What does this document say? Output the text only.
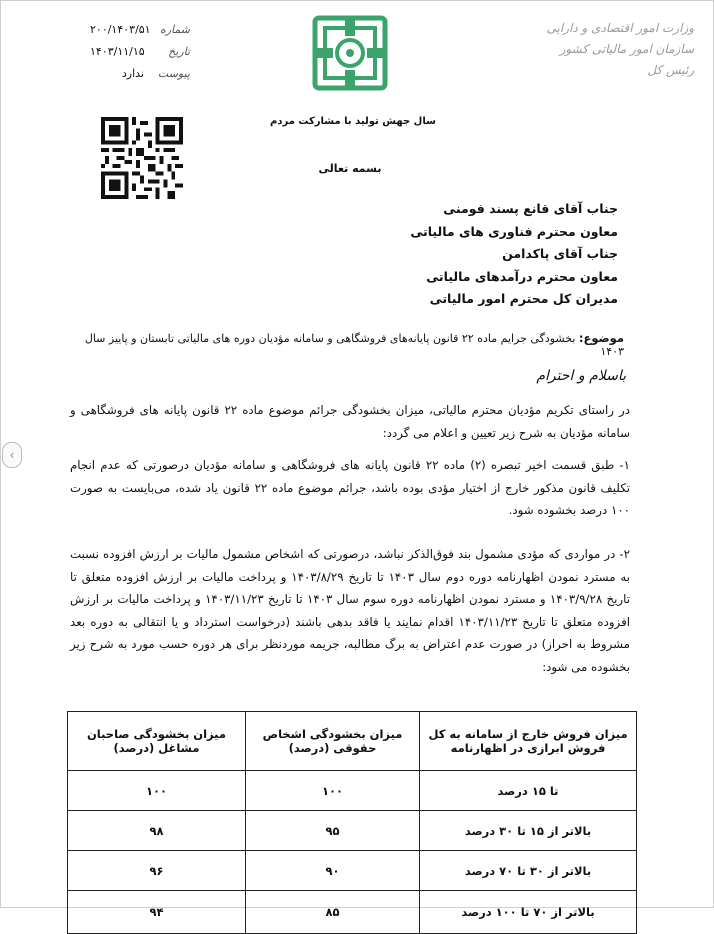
‹
وزارت امور اقتصادی و دارایی
سازمان امور مالیاتی کشور
رئیس کل
شماره
۲۰۰/۱۴۰۳/۵۱
تاریخ
۱۴۰۳/۱۱/۱۵
پیوست
ندارد
سال جهش تولید با مشارکت مردم
بسمه تعالی
جناب آقای قانع پسند فومنی
معاون محترم فناوری های مالیاتی
جناب آقای پاکدامن
معاون محترم درآمدهای مالیاتی
مدیران کل محترم امور مالیاتی
موضوع: بخشودگی جرایم ماده ۲۲ قانون پایانه‌های فروشگاهی و سامانه مؤدیان دوره های مالیاتی تابستان و پاییز سال ۱۴۰۳
باسلام و احترام
در راستای تکریم مؤدیان محترم مالیاتی، میزان بخشودگی جرائم موضوع ماده ۲۲ قانون پایانه های فروشگاهی و سامانه مؤدیان به شرح زیر تعیین و اعلام می گردد:
۱- طبق قسمت اخیر تبصره (۲) ماده ۲۲ قانون پایانه های فروشگاهی و سامانه مؤدیان درصورتی که عدم انجام تکلیف قانون مذکور خارج از اختیار مؤدی بوده باشد، جرائم موضوع ماده ۲۲ قانون یاد شده، می‌بایست به صورت ۱۰۰ درصد بخشوده شود.
۲- در مواردی که مؤدی مشمول بند فوق‌الذکر نباشد، درصورتی که اشخاص مشمول مالیات بر ارزش افزوده نسبت به مسترد نمودن اظهارنامه دوره دوم سال ۱۴۰۳ تا تاریخ ۱۴۰۳/۸/۲۹ و پرداخت مالیات بر ارزش افزوده متعلق تا تاریخ ۱۴۰۳/۹/۲۸ و مسترد نمودن اظهارنامه دوره سوم سال ۱۴۰۳ تا تاریخ ۱۴۰۳/۱۱/۲۳ و پرداخت مالیات بر ارزش افزوده متعلق تا تاریخ ۱۴۰۳/۱۱/۲۳ اقدام نمایند یا فاقد بدهی باشند (درخواست استرداد و یا انتقالی به دوره بعد مشروط به احراز) در صورت عدم اعتراض به برگ مطالبه، جریمه مورد‌نظر برای هر دوره حسب مورد به شرح زیر بخشوده می شود:
میزان فروش خارج از سامانه به کل فروش ابرازی در اظهارنامه	میزان بخشودگی اشخاص حقوقی (درصد)	میزان بخشودگی صاحبان مشاغل (درصد)
تا ۱۵ درصد	۱۰۰	۱۰۰
بالاتر از ۱۵ تا ۳۰ درصد	۹۵	۹۸
بالاتر از ۳۰ تا ۷۰ درصد	۹۰	۹۶
بالاتر از ۷۰ تا ۱۰۰ درصد	۸۵	۹۴
